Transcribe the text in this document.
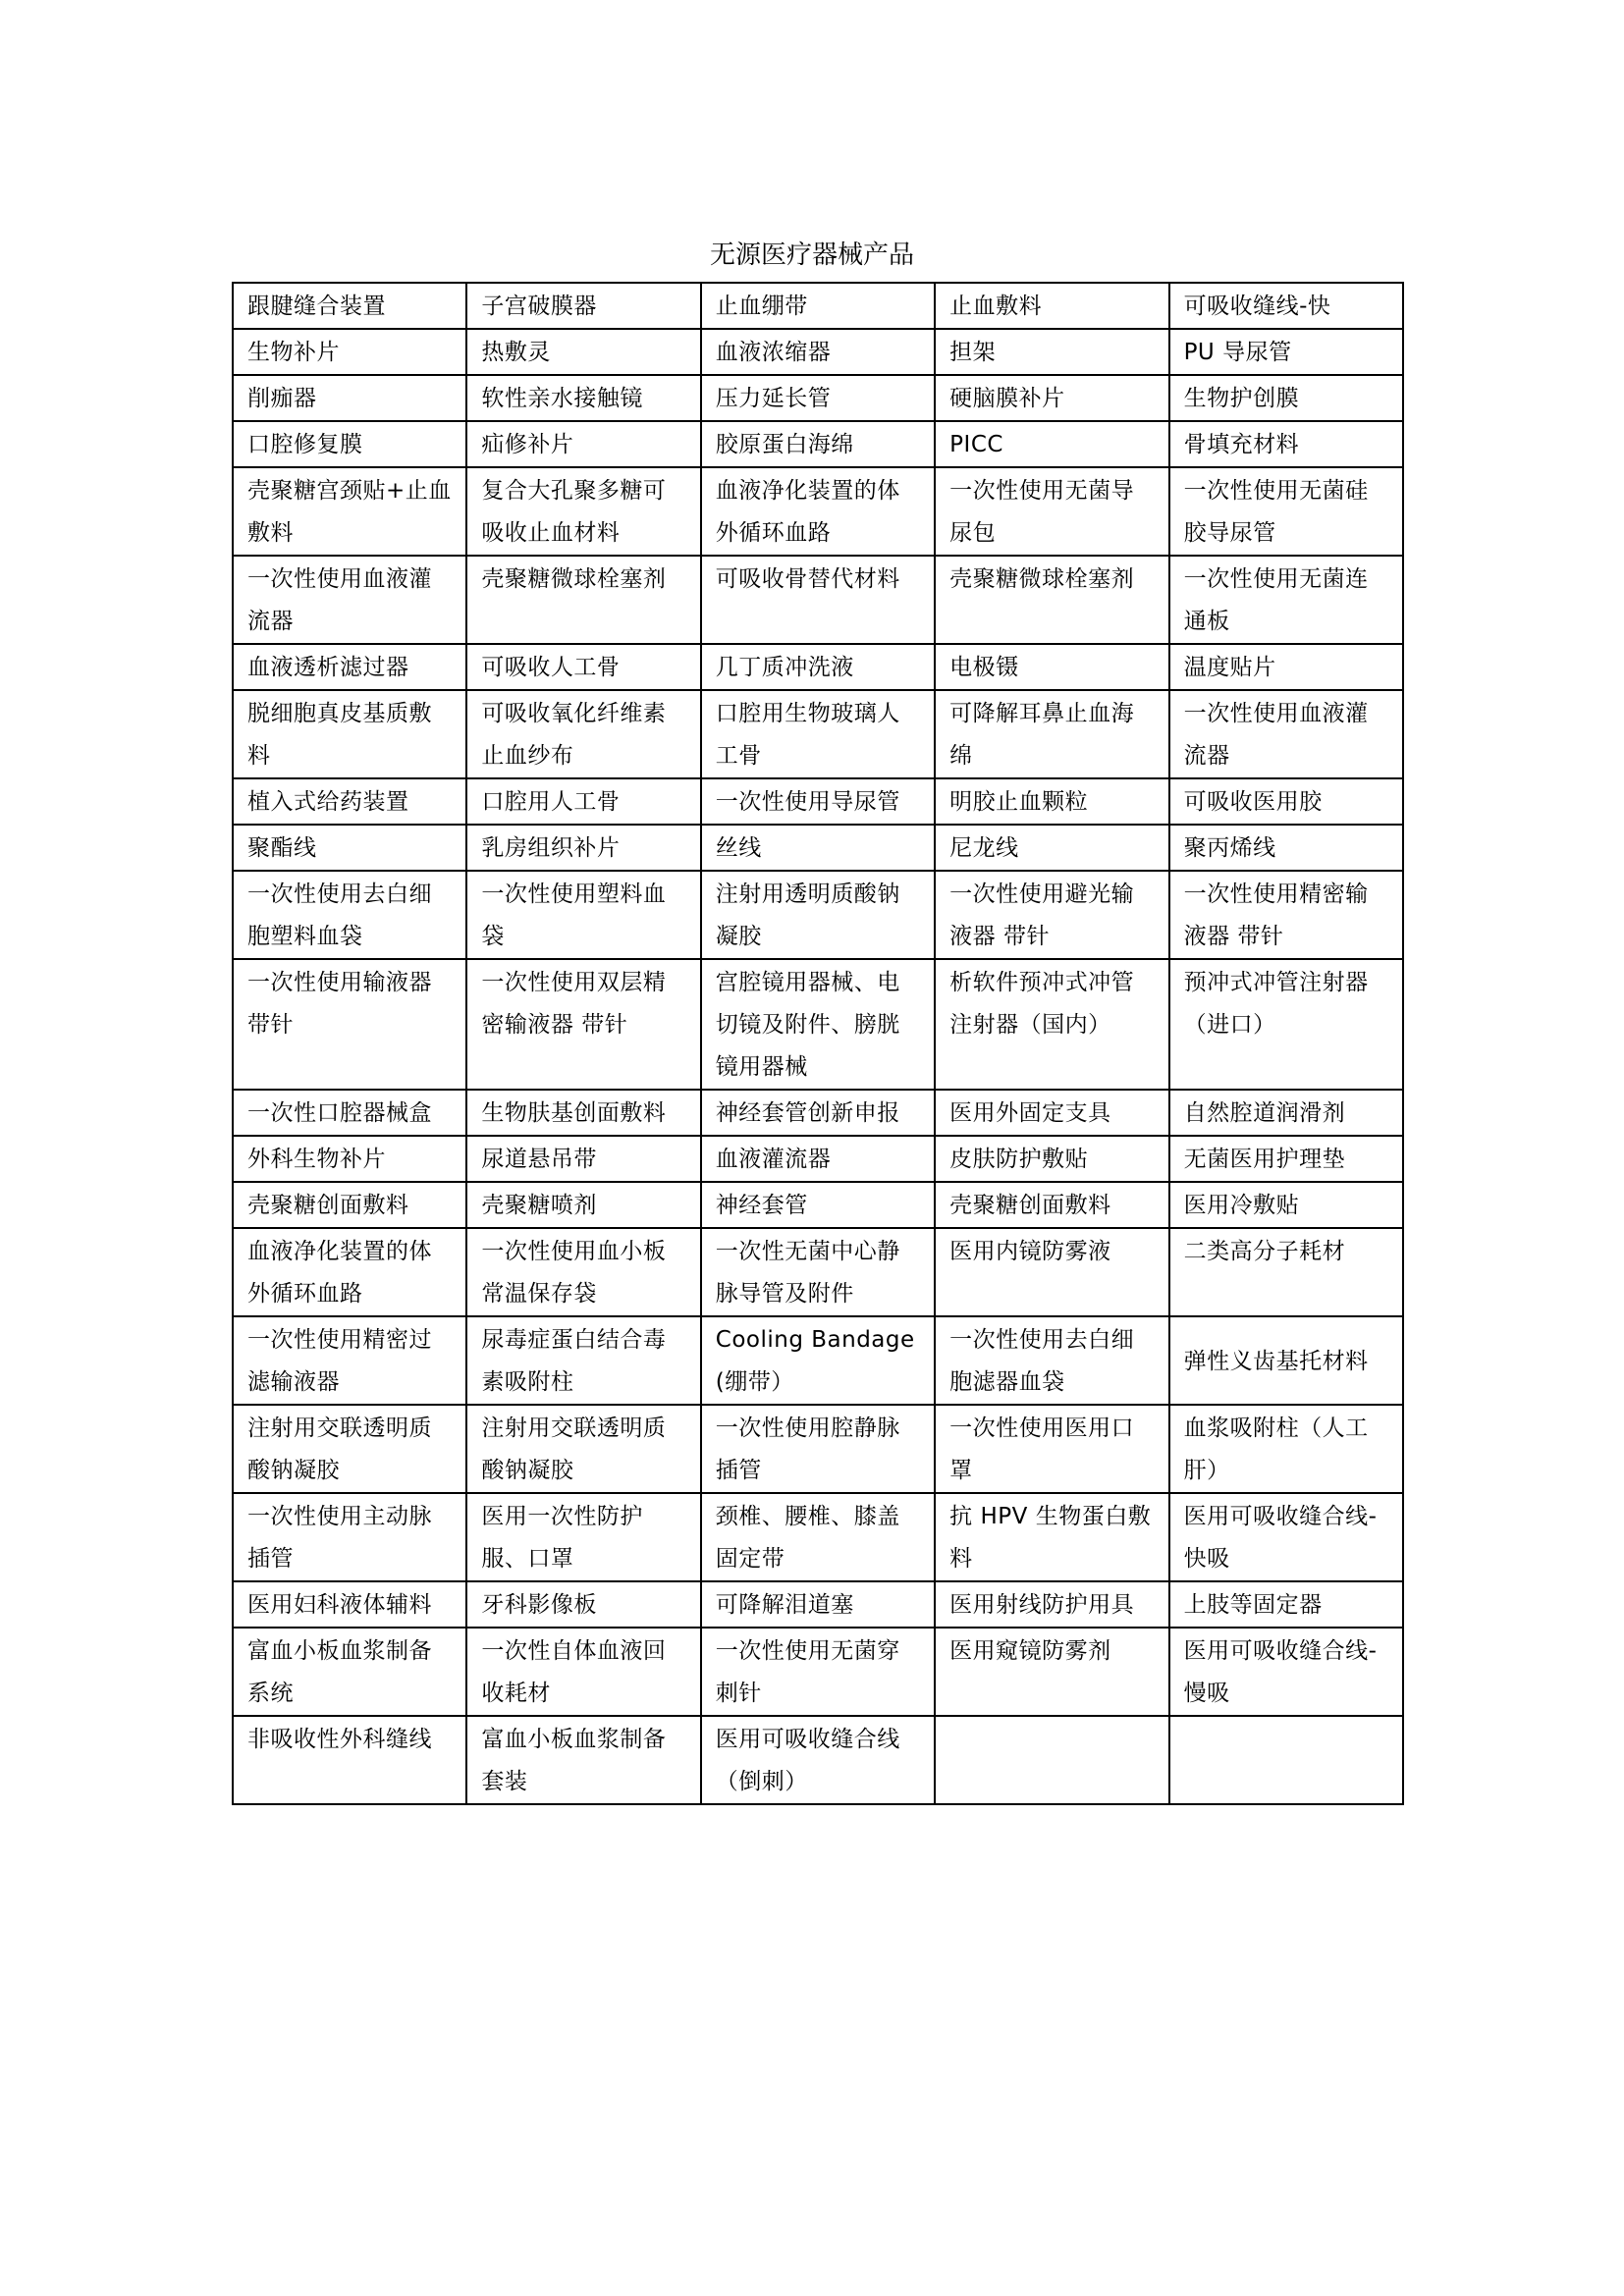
无源医疗器械产品
跟腱缝合装置	子宫破膜器	止血绷带	止血敷料	可吸收缝线-快
生物补片	热敷灵	血液浓缩器	担架	PU 导尿管
削痂器	软性亲水接触镜	压力延长管	硬脑膜补片	生物护创膜
口腔修复膜	疝修补片	胶原蛋白海绵	PICC	骨填充材料
壳聚糖宫颈贴+止血敷料	复合大孔聚多糖可吸收止血材料	血液净化装置的体外循环血路	一次性使用无菌导尿包	一次性使用无菌硅胶导尿管
一次性使用血液灌流器	壳聚糖微球栓塞剂	可吸收骨替代材料	壳聚糖微球栓塞剂	一次性使用无菌连通板
血液透析滤过器	可吸收人工骨	几丁质冲洗液	电极镊	温度贴片
脱细胞真皮基质敷料	可吸收氧化纤维素止血纱布	口腔用生物玻璃人工骨	可降解耳鼻止血海绵	一次性使用血液灌流器
植入式给药装置	口腔用人工骨	一次性使用导尿管	明胶止血颗粒	可吸收医用胶
聚酯线	乳房组织补片	丝线	尼龙线	聚丙烯线
一次性使用去白细胞塑料血袋	一次性使用塑料血袋	注射用透明质酸钠凝胶	一次性使用避光输液器 带针	一次性使用精密输液器 带针
一次性使用输液器带针	一次性使用双层精密输液器 带针	宫腔镜用器械、电切镜及附件、膀胱镜用器械	析软件预冲式冲管注射器（国内）	预冲式冲管注射器（进口）
一次性口腔器械盒	生物肤基创面敷料	神经套管创新申报	医用外固定支具	自然腔道润滑剂
外科生物补片	尿道悬吊带	血液灌流器	皮肤防护敷贴	无菌医用护理垫
壳聚糖创面敷料	壳聚糖喷剂	神经套管	壳聚糖创面敷料	医用冷敷贴
血液净化装置的体外循环血路	一次性使用血小板常温保存袋	一次性无菌中心静脉导管及附件	医用内镜防雾液	二类高分子耗材
一次性使用精密过滤输液器	尿毒症蛋白结合毒素吸附柱	Cooling Bandage(绷带）	一次性使用去白细胞滤器血袋	弹性义齿基托材料
注射用交联透明质酸钠凝胶	注射用交联透明质酸钠凝胶	一次性使用腔静脉插管	一次性使用医用口罩	血浆吸附柱（人工肝）
一次性使用主动脉插管	医用一次性防护服、口罩	颈椎、腰椎、膝盖固定带	抗 HPV 生物蛋白敷料	医用可吸收缝合线-快吸
医用妇科液体辅料	牙科影像板	可降解泪道塞	医用射线防护用具	上肢等固定器
富血小板血浆制备系统	一次性自体血液回收耗材	一次性使用无菌穿刺针	医用窥镜防雾剂	医用可吸收缝合线-慢吸
非吸收性外科缝线	富血小板血浆制备套装	医用可吸收缝合线（倒刺）		
